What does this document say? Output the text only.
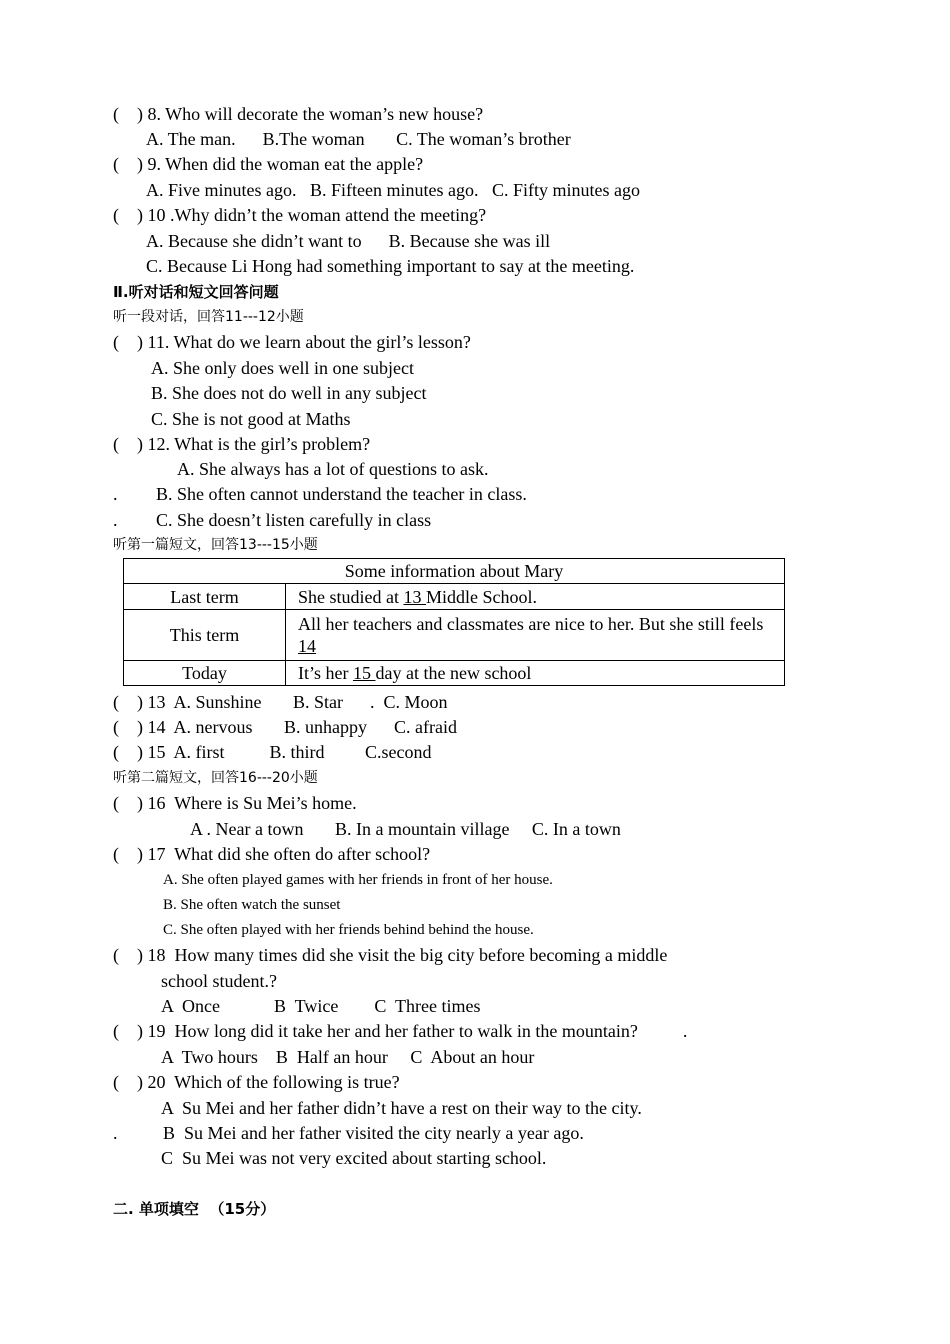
(    ) 8. Who will decorate the woman’s new house?
A. The man.      B.The woman       C. The woman’s brother
(    ) 9. When did the woman eat the apple?
A. Five minutes ago.   B. Fifteen minutes ago.   C. Fifty minutes ago
(    ) 10 .Why didn’t the woman attend the meeting?
A. Because she didn’t want to      B. Because she was ill
C. Because Li Hong had something important to say at the meeting.
Ⅱ.听对话和短文回答问题
听一段对话，回答11---12小题
(    ) 11. What do we learn about the girl’s lesson?
A. She only does well in one subject
B. She does not do well in any subject
C. She is not good at Maths
(    ) 12. What is the girl’s problem?
A. She always has a lot of questions to ask.
. B. She often cannot understand the teacher in class.
. C. She doesn’t listen carefully in class
听第一篇短文，回答13---15小题
Some information about Mary	
Last term	She studied at 13 Middle School.
This term	All her teachers and classmates are nice to her. But she still feels 14
Today	It’s her 15 day at the new school
(    ) 13  A. Sunshine       B. Star      .  C. Moon
(    ) 14  A. nervous       B. unhappy      C. afraid
(    ) 15  A. first          B. third         C.second
听第二篇短文，回答16---20小题
(    ) 16  Where is Su Mei’s home.
A . Near a town       B. In a mountain village     C. In a town
(    ) 17  What did she often do after school?
A. She often played games with her friends in front of her house.
B. She often watch the sunset
C. She often played with her friends behind behind the house.
(    ) 18  How many times did she visit the big city before becoming a middle
school student.?
A  Once            B  Twice        C  Three times
(    ) 19  How long did it take her and her father to walk in the mountain?          .
A  Two hours    B  Half an hour     C  About an hour
(    ) 20  Which of the following is true?
A  Su Mei and her father didn’t have a rest on their way to the city.
.	B  Su Mei and her father visited the city nearly a year ago.
C  Su Mei was not very excited about starting school.
二. 单项填空  （15分）
